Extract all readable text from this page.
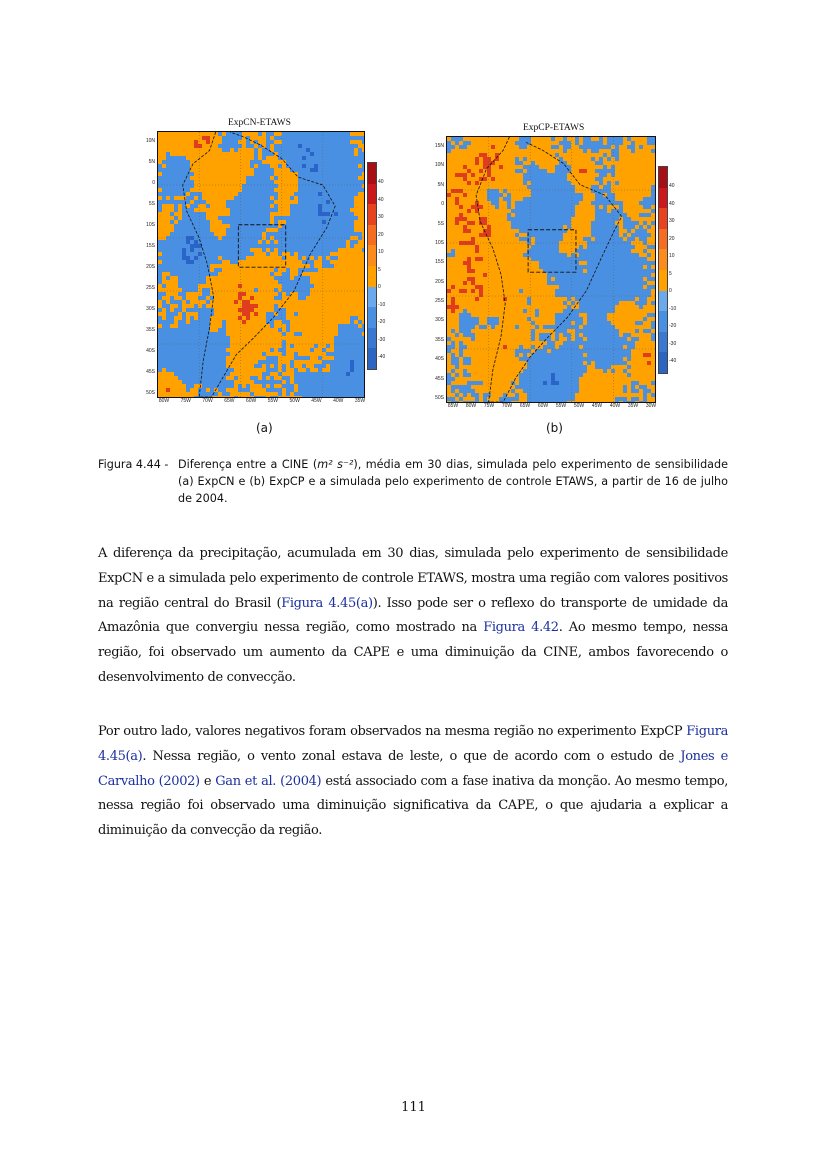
ExpCN-ETAWS
10N
5N
0
5S
10S
15S
20S
25S
30S
35S
40S
45S
50S
80W	75W	70W	65W	60W	55W	50W	45W	40W	35W
40
40
30
20
10
5
0
-10
-20
-30
-40
(a)
ExpCP-ETAWS
15N
10N
5N
0
5S
10S
15S
20S
25S
30S
35S
40S
45S
50S
85W	80W	75W	70W	65W	60W	55W	50W	45W	40W	35W	30W
40
40
30
20
10
5
0
-10
-20
-30
-40
(b)
Figura 4.44 - Diferença entre a CINE (m² s⁻²), média em 30 dias, simulada pelo experimento de sensibilidade (a) ExpCN e (b) ExpCP e a simulada pelo experimento de controle ETAWS, a partir de 16 de julho de 2004.

A diferença da precipitação, acumulada em 30 dias, simulada pelo experimento de sensibilidade ExpCN e a simulada pelo experimento de controle ETAWS, mostra uma região com valores positivos na região central do Brasil (Figura 4.45(a)). Isso pode ser o reflexo do transporte de umidade da Amazônia que convergiu nessa região, como mostrado na Figura 4.42. Ao mesmo tempo, nessa região, foi observado um aumento da CAPE e uma diminuição da CINE, ambos favorecendo o desenvolvimento de convecção.

Por outro lado, valores negativos foram observados na mesma região no experimento ExpCP Figura 4.45(a). Nessa região, o vento zonal estava de leste, o que de acordo com o estudo de Jones e Carvalho (2002) e Gan et al. (2004) está associado com a fase inativa da monção. Ao mesmo tempo, nessa região foi observado uma diminuição significativa da CAPE, o que ajudaria a explicar a diminuição da convecção da região.

111
